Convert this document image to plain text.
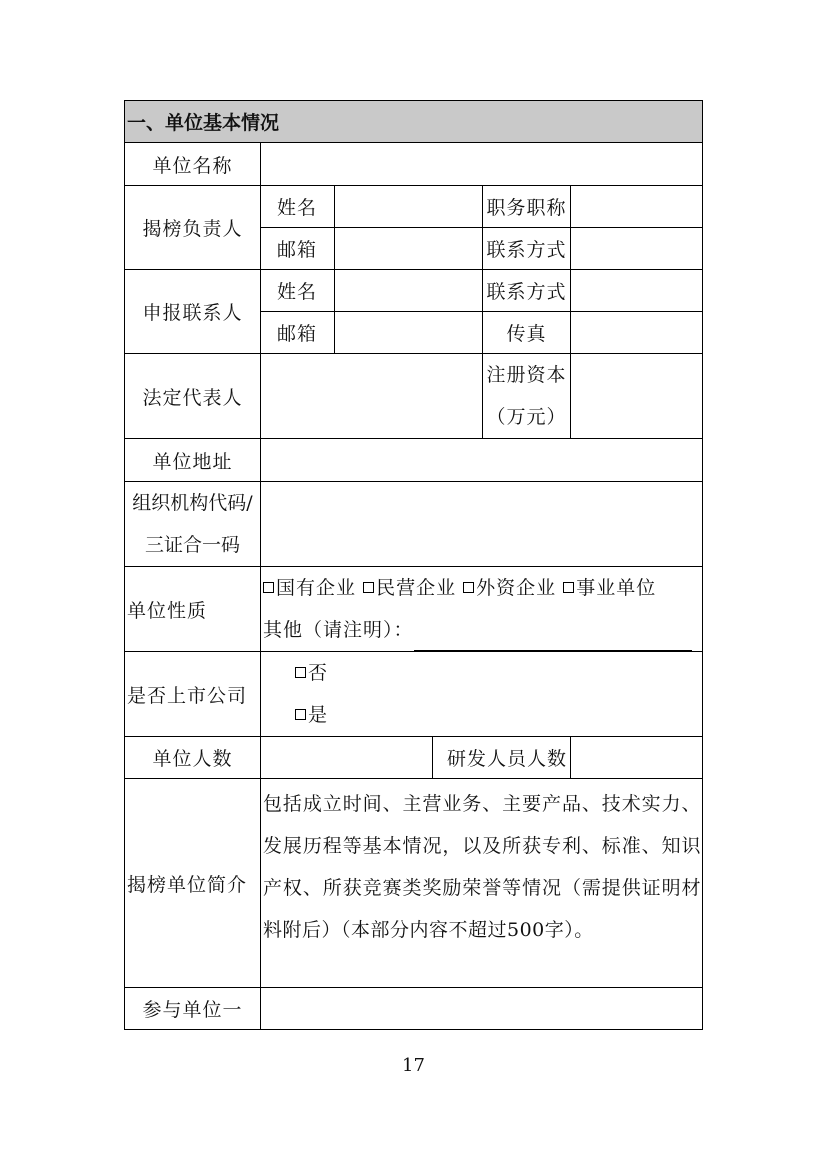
一、单位基本情况					
单位名称					
揭榜负责人	姓名			职务职称	
	邮箱			联系方式	
申报联系人	姓名			联系方式	
	邮箱			传真	
法定代表人				注册资本
（万元）	
单位地址					
组织机构代码/
三证合一码					
单位性质	国有企业 民营企业 外资企业 事业单位
其他（请注明）：				
是否上市公司	否
是				
单位人数			研发人员人数		
揭榜单位简介	包括成立时间、主营业务、主要产品、技术实力、发展历程等基本情况，以及所获专利、标准、知识产权、所获竞赛类奖励荣誉等情况（需提供证明材料附后）（本部分内容不超过500字）。				
参与单位一					
17
